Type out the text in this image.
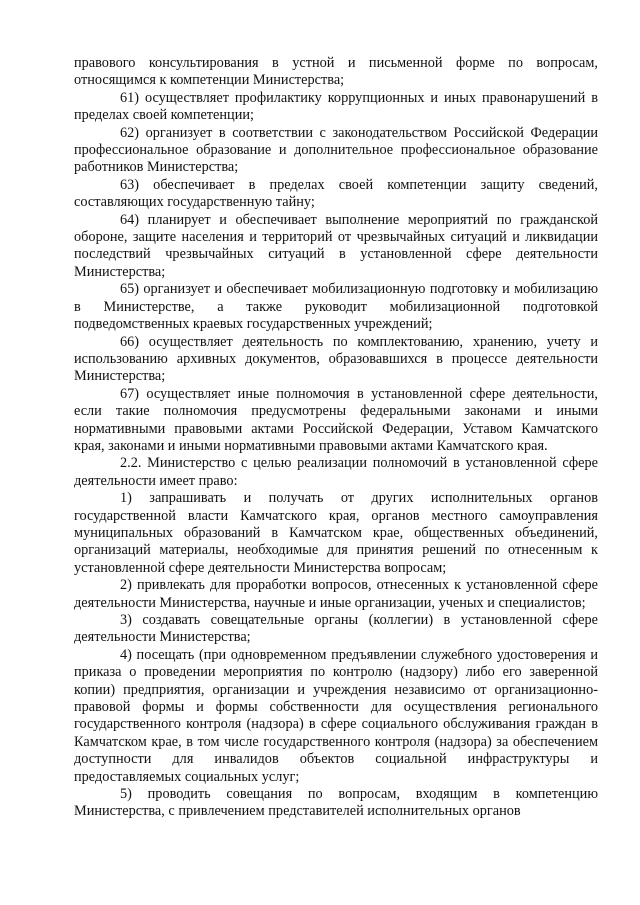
правового консультирования в устной и письменной форме по вопросам, относящимся к компетенции Министерства;

61) осуществляет профилактику коррупционных и иных правонарушений в пределах своей компетенции;

62) организует в соответствии с законодательством Российской Федерации профессиональное образование и дополнительное профессиональное образование работников Министерства;

63) обеспечивает в пределах своей компетенции защиту сведений, составляющих государственную тайну;

64) планирует и обеспечивает выполнение мероприятий по гражданской обороне, защите населения и территорий от чрезвычайных ситуаций и ликвидации последствий чрезвычайных ситуаций в установленной сфере деятельности Министерства;

65) организует и обеспечивает мобилизационную подготовку и мобилизацию в Министерстве, а также руководит мобилизационной подготовкой подведомственных краевых государственных учреждений;

66) осуществляет деятельность по комплектованию, хранению, учету и использованию архивных документов, образовавшихся в процессе деятельности Министерства;

67) осуществляет иные полномочия в установленной сфере деятельности, если такие полномочия предусмотрены федеральными законами и иными нормативными правовыми актами Российской Федерации, Уставом Камчатского края, законами и иными нормативными правовыми актами Камчатского края.

2.2. Министерство с целью реализации полномочий в установленной сфере деятельности имеет право:

1) запрашивать и получать от других исполнительных органов государственной власти Камчатского края, органов местного самоуправления муниципальных образований в Камчатском крае, общественных объединений, организаций материалы, необходимые для принятия решений по отнесенным к установленной сфере деятельности Министерства вопросам;

2) привлекать для проработки вопросов, отнесенных к установленной сфере деятельности Министерства, научные и иные организации, ученых и специалистов;

3) создавать совещательные органы (коллегии) в установленной сфере деятельности Министерства;

4) посещать (при одновременном предъявлении служебного удостоверения и приказа о проведении мероприятия по контролю (надзору) либо его заверенной копии) предприятия, организации и учреждения независимо от организационно-правовой формы и формы собственности для осуществления регионального государственного контроля (надзора) в сфере социального обслуживания граждан в Камчатском крае, в том числе государственного контроля (надзора) за обеспечением доступности для инвалидов объектов социальной инфраструктуры и предоставляемых социальных услуг;

5) проводить совещания по вопросам, входящим в компетенцию Министерства, с привлечением представителей исполнительных органов
